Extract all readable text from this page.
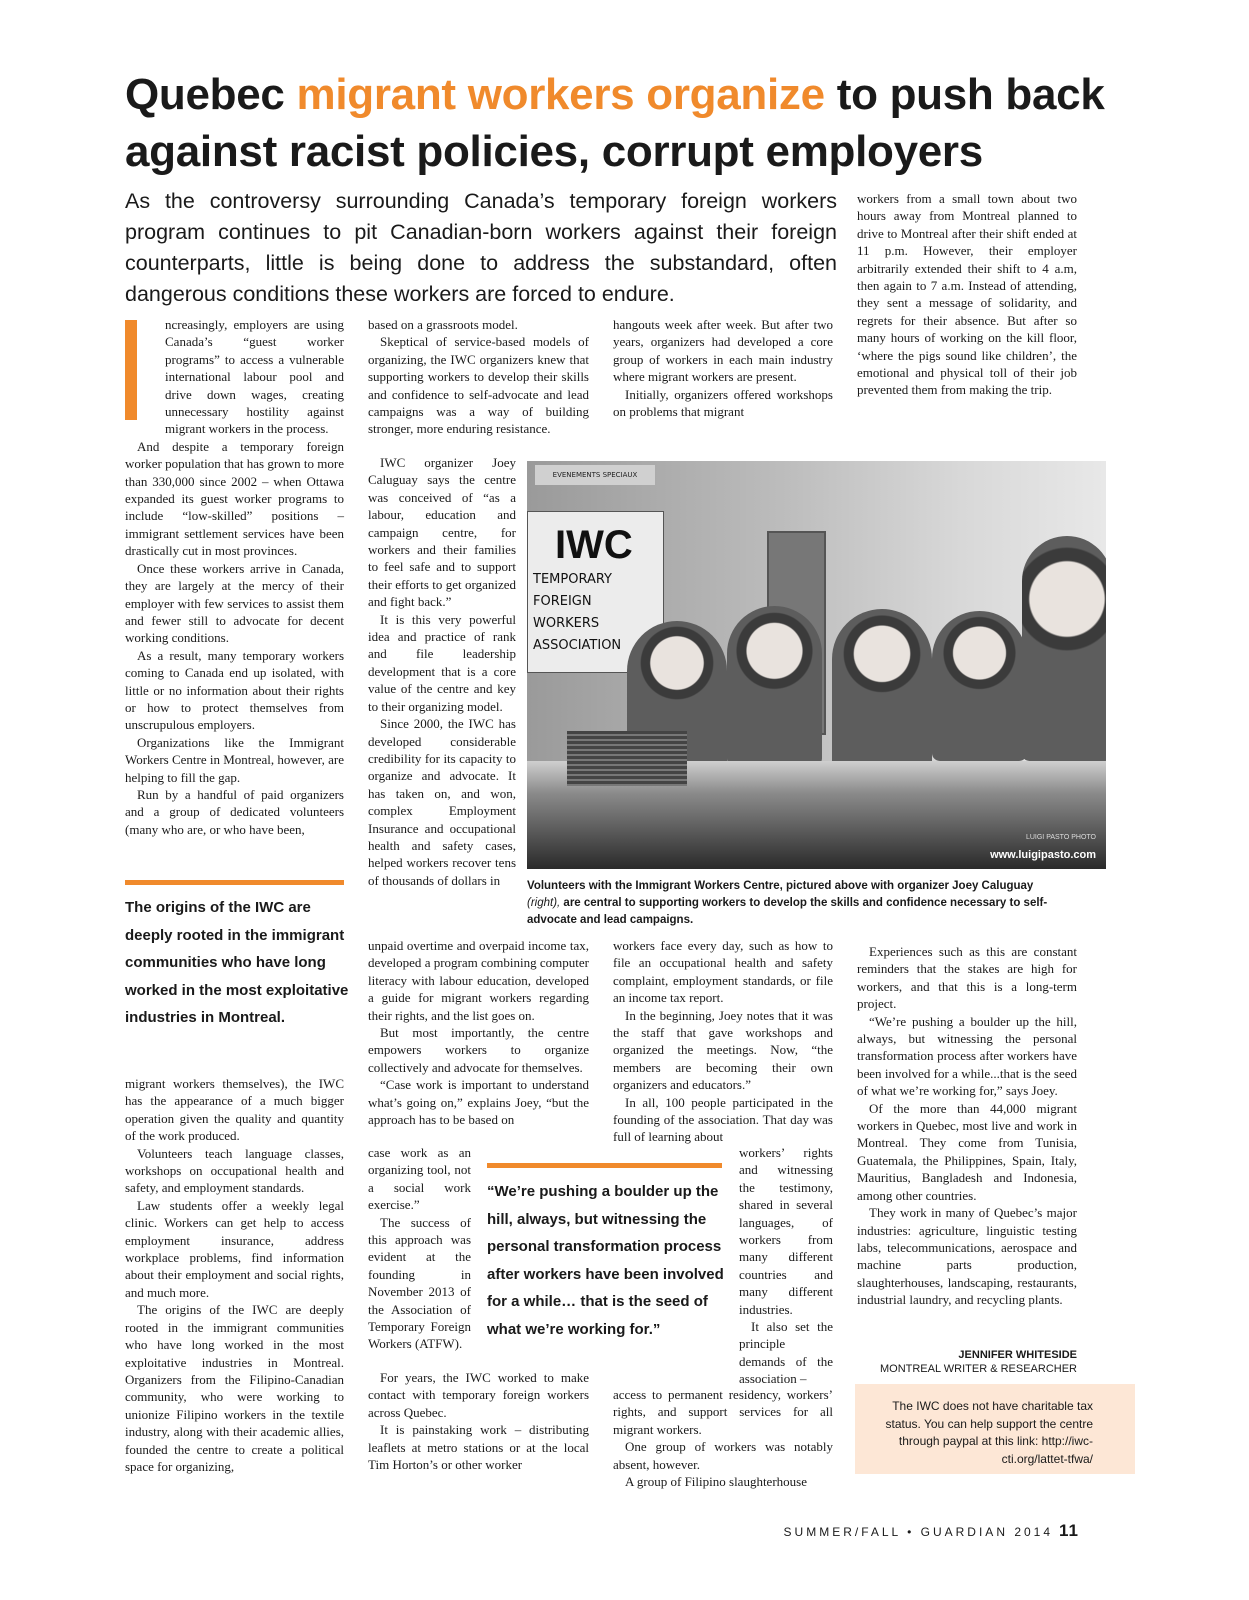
Quebec migrant workers organize to push back against racist policies, corrupt employers
As the controversy surrounding Canada’s temporary foreign workers program continues to pit Canadian-born workers against their foreign counterparts, little is being done to address the substandard, often dangerous conditions these workers are forced to endure.

ncreasingly, employers are using Canada’s “guest worker programs” to access a vulnerable international labour pool and drive down wages, creating unnecessary hostility against migrant workers in the process.

And despite a temporary foreign worker population that has grown to more than 330,000 since 2002 – when Ottawa expanded its guest worker programs to include “low-skilled” positions – immigrant settlement services have been drastically cut in most provinces.

Once these workers arrive in Canada, they are largely at the mercy of their employer with few services to assist them and fewer still to advocate for decent working conditions.

As a result, many temporary workers coming to Canada end up isolated, with little or no information about their rights or how to protect themselves from unscrupulous employers.

Organizations like the Immigrant Workers Centre in Montreal, however, are helping to fill the gap.

Run by a handful of paid organizers and a group of dedicated volunteers (many who are, or who have been,

The origins of the IWC are deeply rooted in the immigrant communities who have long worked in the most exploitative industries in Montreal.

migrant workers themselves), the IWC has the appearance of a much bigger operation given the quality and quantity of the work produced.

Volunteers teach language classes, workshops on occupational health and safety, and employment standards.

Law students offer a weekly legal clinic. Workers can get help to access employment insurance, address workplace problems, find information about their employment and social rights, and much more.

The origins of the IWC are deeply rooted in the immigrant communities who have long worked in the most exploitative industries in Montreal. Organizers from the Filipino-Canadian community, who were working to unionize Filipino workers in the textile industry, along with their academic allies, founded the centre to create a political space for organizing,

based on a grassroots model.

Skeptical of service-based models of organizing, the IWC organizers knew that supporting workers to develop their skills and confidence to self-advocate and lead campaigns was a way of building stronger, more enduring resistance.

IWC organizer Joey Caluguay says the centre was conceived of “as a labour, education and campaign centre, for workers and their families to feel safe and to support their efforts to get organized and fight back.”

It is this very powerful idea and practice of rank and file leadership development that is a core value of the centre and key to their organizing model.

Since 2000, the IWC has developed considerable credibility for its capacity to organize and advocate. It has taken on, and won, complex Employment Insurance and occupational health and safety cases, helped workers recover tens of thousands of dollars in

unpaid overtime and overpaid income tax, developed a program combining computer literacy with labour education, developed a guide for migrant workers regarding their rights, and the list goes on.

But most importantly, the centre empowers workers to organize collectively and advocate for themselves.

“Case work is important to understand what’s going on,” explains Joey, “but the approach has to be based on

case work as an organizing tool, not a social work exercise.”

The success of this approach was evident at the founding in November 2013 of the Association of Temporary Foreign Workers (ATFW).

For years, the IWC worked to make contact with temporary foreign workers across Quebec.

It is painstaking work – distributing leaflets at metro stations or at the local Tim Horton’s or other worker

hangouts week after week. But after two years, organizers had developed a core group of workers in each main industry where migrant workers are present.

Initially, organizers offered workshops on problems that migrant

workers face every day, such as how to file an occupational health and safety complaint, employment standards, or file an income tax report.

In the beginning, Joey notes that it was the staff that gave workshops and organized the meetings. Now, “the members are becoming their own organizers and educators.”

In all, 100 people participated in the founding of the association. That day was full of learning about

workers’ rights and witnessing the testimony, shared in several languages, of workers from many different countries and many different industries.

It also set the principle demands of the association –

access to permanent residency, workers’ rights, and support services for all migrant workers.

One group of workers was notably absent, however.

A group of Filipino slaughterhouse

“We’re pushing a boulder up the hill, always, but witnessing the personal transformation process after workers have been involved for a while… that is the seed of what we’re working for.”

workers from a small town about two hours away from Montreal planned to drive to Montreal after their shift ended at 11 p.m. However, their employer arbitrarily extended their shift to 4 a.m, then again to 7 a.m. Instead of attending, they sent a message of solidarity, and regrets for their absence. But after so many hours of working on the kill floor, ‘where the pigs sound like children’, the emotional and physical toll of their job prevented them from making the trip.

Experiences such as this are constant reminders that the stakes are high for workers, and that this is a long-term project.

“We’re pushing a boulder up the hill, always, but witnessing the personal transformation process after workers have been involved for a while...that is the seed of what we’re working for,” says Joey.

Of the more than 44,000 migrant workers in Quebec, most live and work in Montreal. They come from Tunisia, Guatemala, the Philippines, Spain, Italy, Mauritius, Bangladesh and Indonesia, among other countries.

They work in many of Quebec’s major industries: agriculture, linguistic testing labs, telecommunications, aerospace and machine parts production, slaughterhouses, landscaping, restaurants, industrial laundry, and recycling plants.

JENNIFER WHITESIDE
MONTREAL WRITER & RESEARCHER
EVENEMENTS SPECIAUX
IWC
TEMPORARY FOREIGN WORKERS ASSOCIATION
LUIGI PASTO PHOTO
www.luigipasto.com
Volunteers with the Immigrant Workers Centre, pictured above with organizer Joey Caluguay (right), are central to supporting workers to develop the skills and confidence necessary to self-advocate and lead campaigns.
The IWC does not have charitable tax status. You can help support the centre through paypal at this link: http://iwc-cti.org/lattet-tfwa/
SUMMER/FALL • GUARDIAN 2014 11
